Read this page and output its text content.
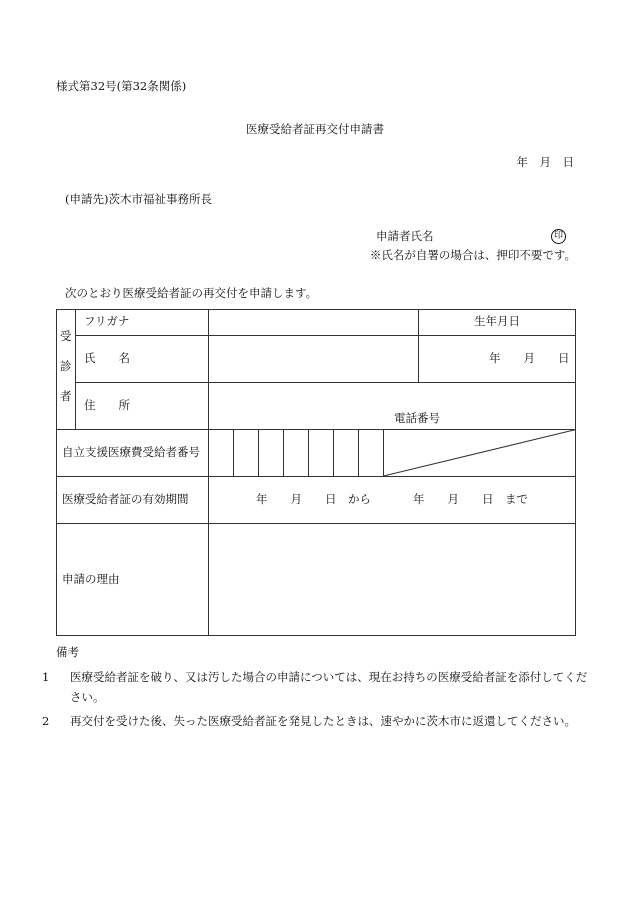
様式第32号(第32条関係)
医療受給者証再交付申請書
年　月　日
(申請先)茨木市福祉事務所長
申請者氏名	印
※氏名が自署の場合は、押印不要です。
次のとおり医療受給者証の再交付を申請します。
受
診
者
フリガナ	生年月日
氏　　名	年　　月　　日
住　　所
電話番号
自立支援医療費受給者番号
医療受給者証の有効期間	年　　月　　日　から	年　　月　　日　まで
申請の理由
備考
1 医療受給者証を破り、又は汚した場合の申請については、現在お持ちの医療受給者証を添付してください。
2 再交付を受けた後、失った医療受給者証を発見したときは、速やかに茨木市に返還してください。
